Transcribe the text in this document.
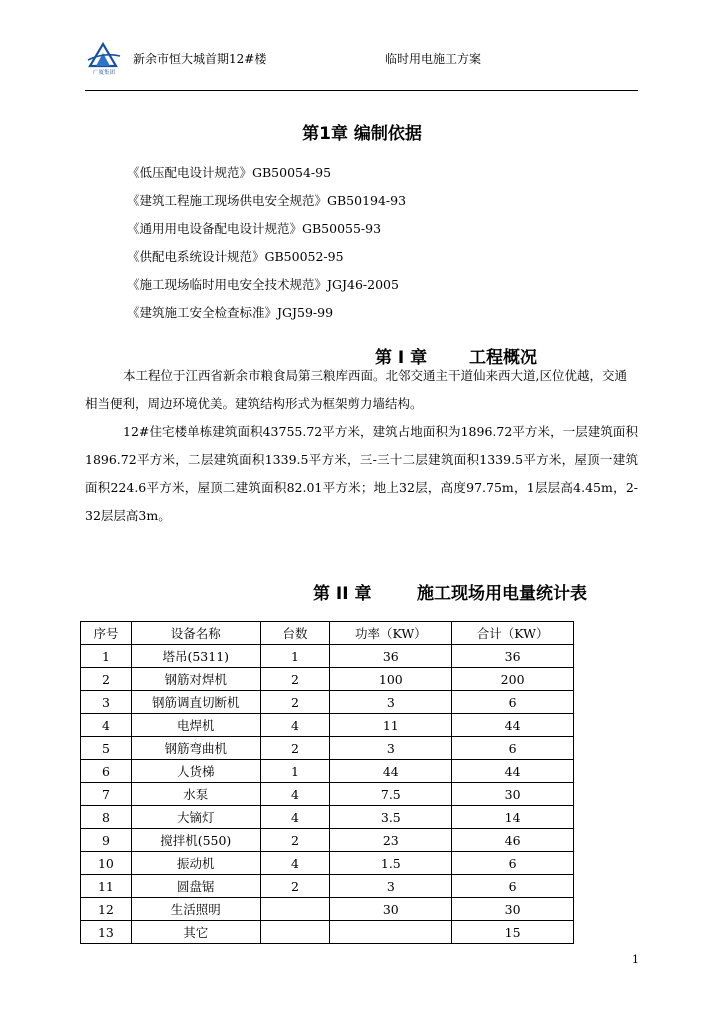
广厦集团
新余市恒大城首期12#楼	临时用电施工方案
第1章 编制依据
《低压配电设计规范》GB50054-95
《建筑工程施工现场供电安全规范》GB50194-93
《通用用电设备配电设计规范》GB50055-93
《供配电系统设计规范》GB50052-95
《施工现场临时用电安全技术规范》JGJ46-2005
《建筑施工安全检查标准》JGJ59-99
第 I 章 工程概况

本工程位于江西省新余市粮食局第三粮库西面。北邻交通主干道仙来西大道,区位优越，交通相当便利，周边环境优美。建筑结构形式为框架剪力墙结构。

12#住宅楼单栋建筑面积43755.72平方米，建筑占地面积为1896.72平方米，一层建筑面积1896.72平方米，二层建筑面积1339.5平方米，三-三十二层建筑面积1339.5平方米，屋顶一建筑面积224.6平方米，屋顶二建筑面积82.01平方米；地上32层，高度97.75m，1层层高4.45m，2-32层层高3m。

第 II 章	施工现场用电量统计表
序号	设备名称	台数	功率（KW）	合计（KW）
1	塔吊(5311)	1	36	36
2	钢筋对焊机	2	100	200
3	钢筋调直切断机	2	3	6
4	电焊机	4	11	44
5	钢筋弯曲机	2	3	6
6	人货梯	1	44	44
7	水泵	4	7.5	30
8	大镝灯	4	3.5	14
9	搅拌机(550)	2	23	46
10	振动机	4	1.5	6
11	圆盘锯	2	3	6
12	生活照明		30	30
13	其它			15
1
